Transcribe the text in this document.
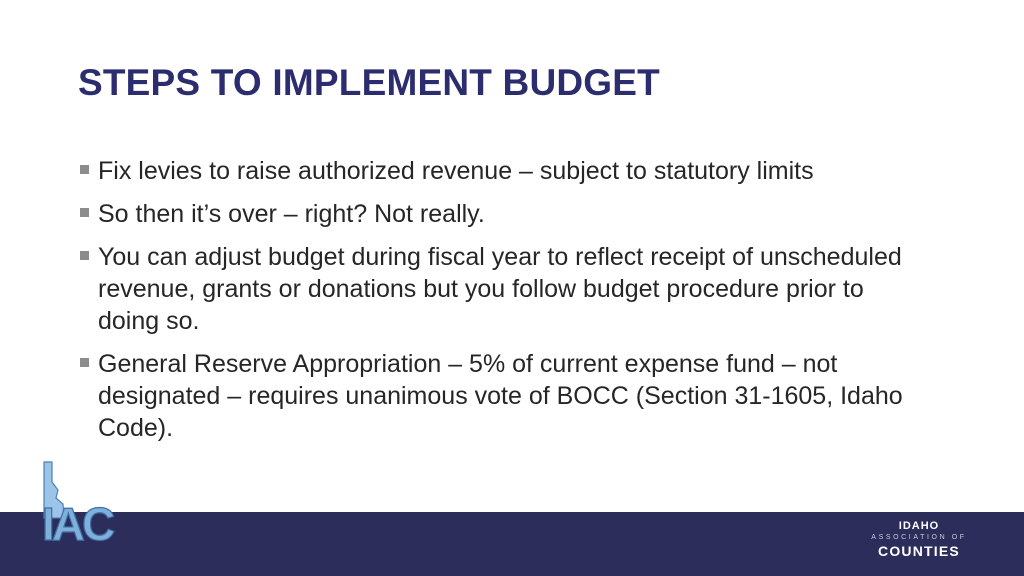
STEPS TO IMPLEMENT BUDGET
Fix levies to raise authorized revenue – subject to statutory limits
So then it’s over – right? Not really.
You can adjust budget during fiscal year to reflect receipt of unscheduled revenue, grants or donations but you follow budget procedure prior to doing so.
General Reserve Appropriation – 5% of current expense fund – not designated – requires unanimous vote of BOCC (Section 31-1605, Idaho Code).
IAC	IDAHO
ASSOCIATION OF
COUNTIES
